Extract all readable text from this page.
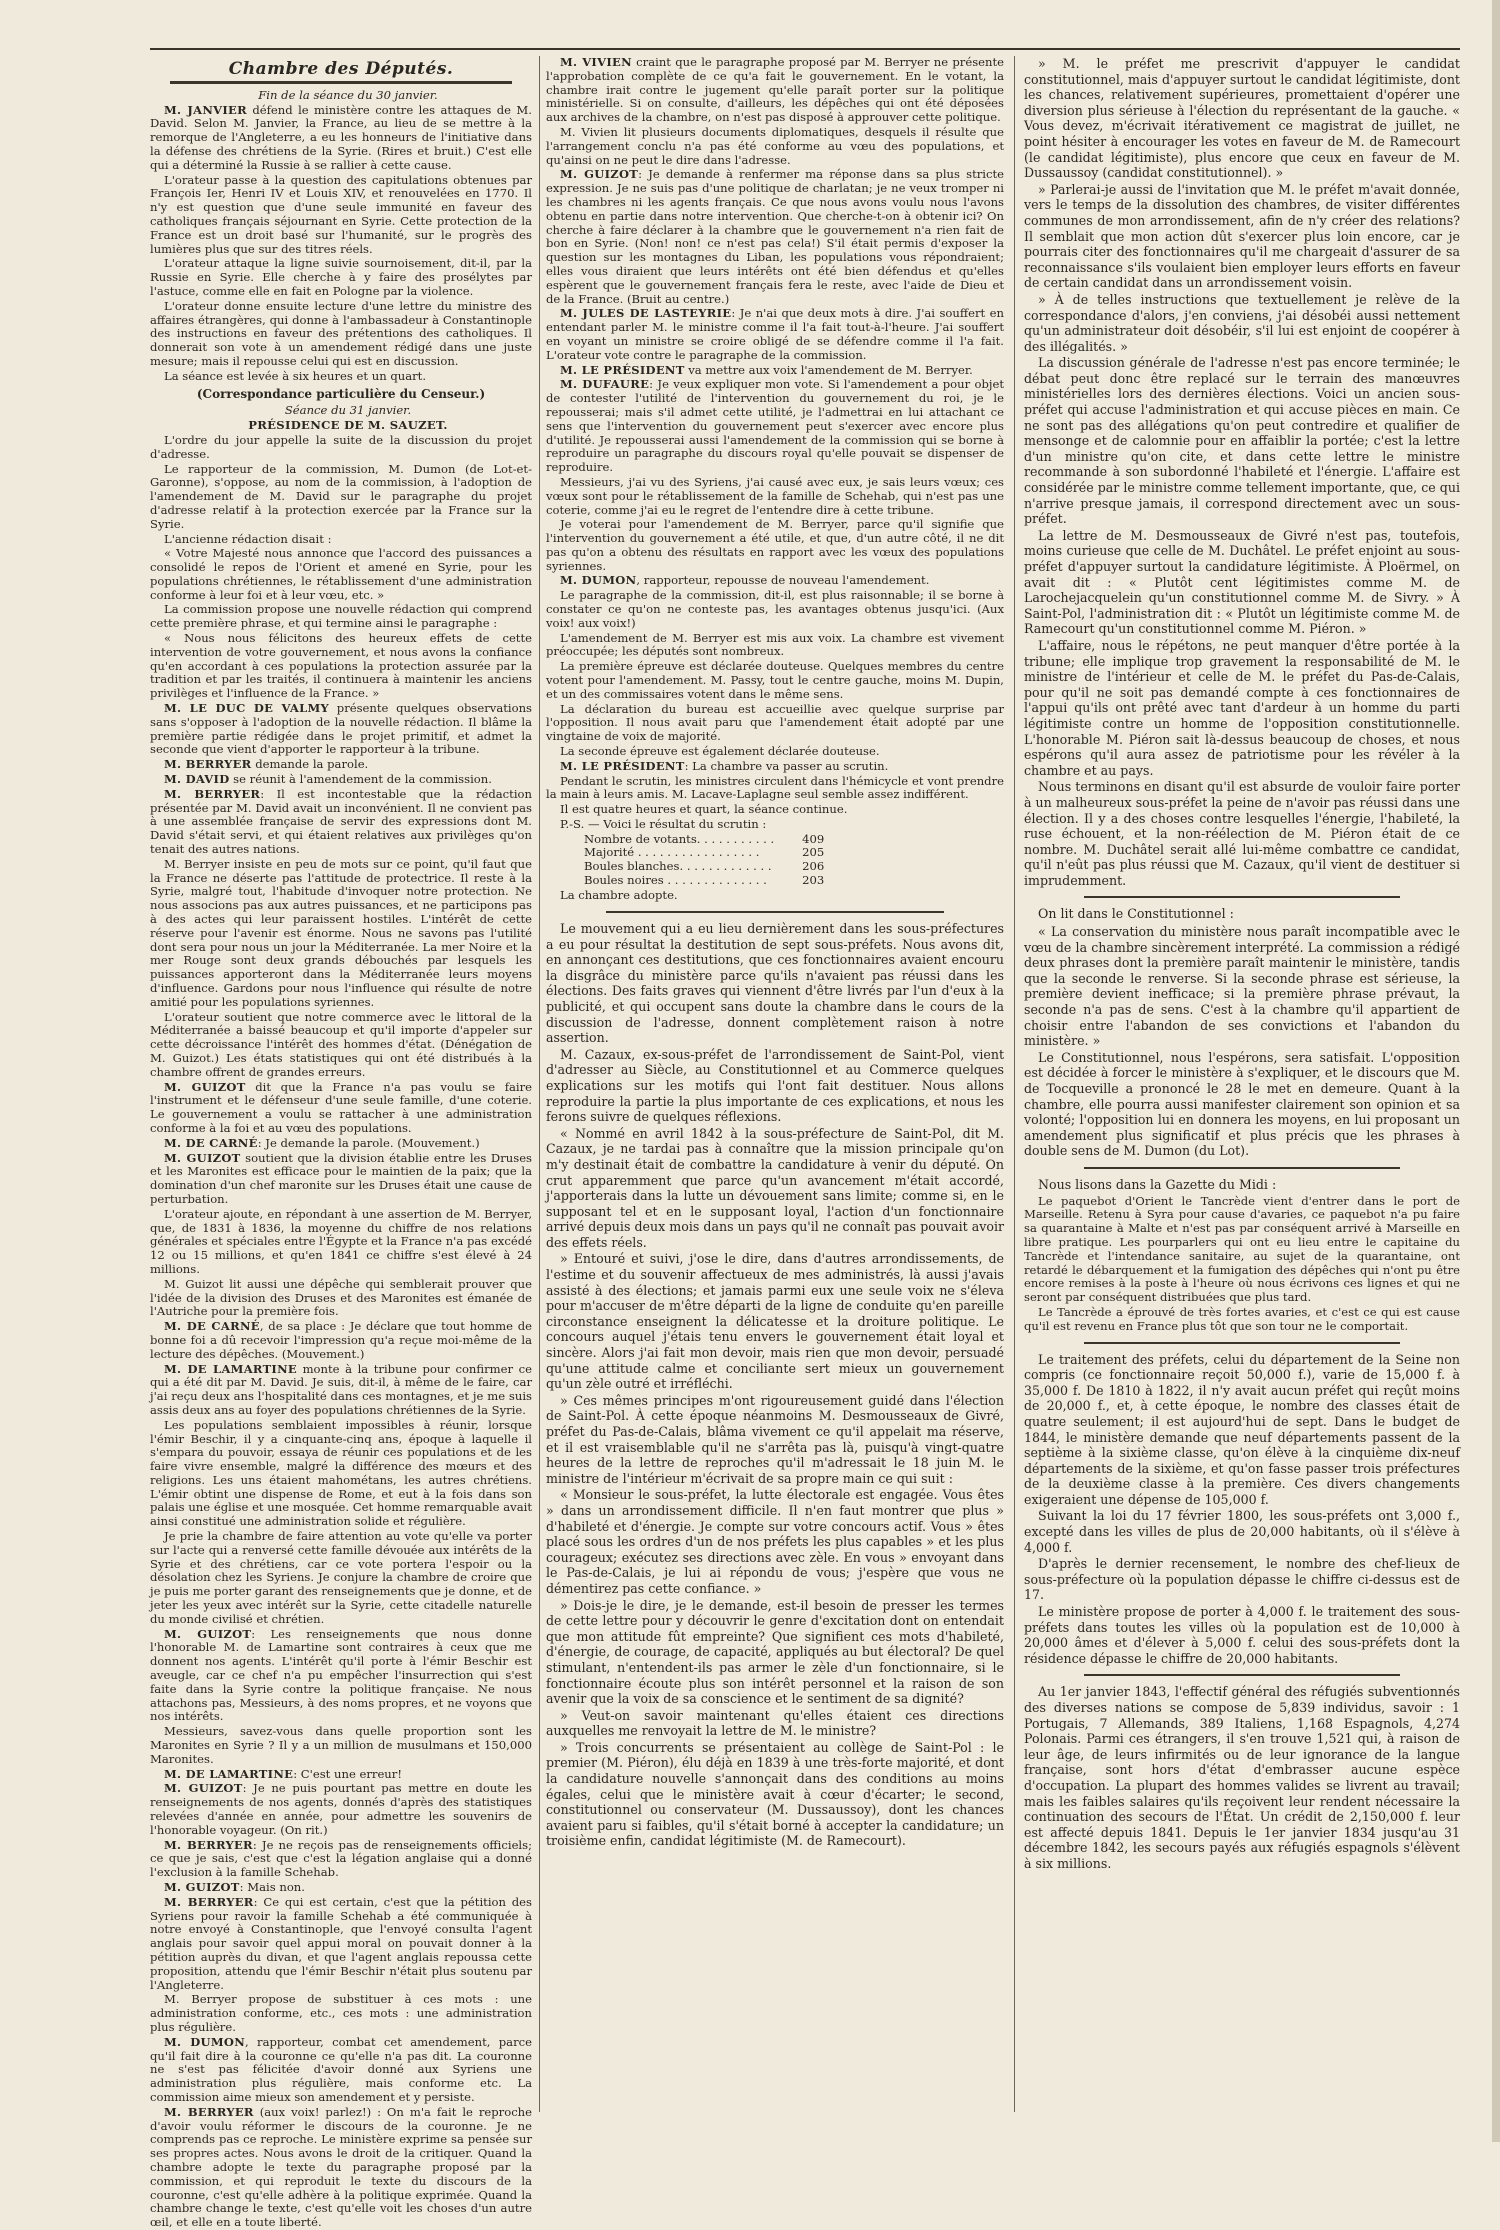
Chambre des Députés.

Fin de la séance du 30 janvier.

M. JANVIER défend le ministère contre les attaques de M. David. Selon M. Janvier, la France, au lieu de se mettre à la remorque de l'Angleterre, a eu les honneurs de l'initiative dans la défense des chrétiens de la Syrie. (Rires et bruit.) C'est elle qui a déterminé la Russie à se rallier à cette cause.

L'orateur passe à la question des capitulations obtenues par François Ier, Henri IV et Louis XIV, et renouvelées en 1770. Il n'y est question que d'une seule immunité en faveur des catholiques français séjournant en Syrie. Cette protection de la France est un droit basé sur l'humanité, sur le progrès des lumières plus que sur des titres réels.

L'orateur attaque la ligne suivie sournoisement, dit-il, par la Russie en Syrie. Elle cherche à y faire des prosélytes par l'astuce, comme elle en fait en Pologne par la violence.

L'orateur donne ensuite lecture d'une lettre du ministre des affaires étrangères, qui donne à l'ambassadeur à Constantinople des instructions en faveur des prétentions des catholiques. Il donnerait son vote à un amendement rédigé dans une juste mesure; mais il repousse celui qui est en discussion.

La séance est levée à six heures et un quart.

(Correspondance particulière du Censeur.)

Séance du 31 janvier.

PRÉSIDENCE DE M. SAUZET.

L'ordre du jour appelle la suite de la discussion du projet d'adresse.

Le rapporteur de la commission, M. Dumon (de Lot-et-Garonne), s'oppose, au nom de la commission, à l'adoption de l'amendement de M. David sur le paragraphe du projet d'adresse relatif à la protection exercée par la France sur la Syrie.

L'ancienne rédaction disait :

« Votre Majesté nous annonce que l'accord des puissances a consolidé le repos de l'Orient et amené en Syrie, pour les populations chrétiennes, le rétablissement d'une administration conforme à leur foi et à leur vœu, etc. »

La commission propose une nouvelle rédaction qui comprend cette première phrase, et qui termine ainsi le paragraphe :

« Nous nous félicitons des heureux effets de cette intervention de votre gouvernement, et nous avons la confiance qu'en accordant à ces populations la protection assurée par la tradition et par les traités, il continuera à maintenir les anciens privilèges et l'influence de la France. »

M. LE DUC DE VALMY présente quelques observations sans s'opposer à l'adoption de la nouvelle rédaction. Il blâme la première partie rédigée dans le projet primitif, et admet la seconde que vient d'apporter le rapporteur à la tribune.

M. BERRYER demande la parole.

M. DAVID se réunit à l'amendement de la commission.

M. BERRYER: Il est incontestable que la rédaction présentée par M. David avait un inconvénient. Il ne convient pas à une assemblée française de servir des expressions dont M. David s'était servi, et qui étaient relatives aux privilèges qu'on tenait des autres nations.

M. Berryer insiste en peu de mots sur ce point, qu'il faut que la France ne déserte pas l'attitude de protectrice. Il reste à la Syrie, malgré tout, l'habitude d'invoquer notre protection. Ne nous associons pas aux autres puissances, et ne participons pas à des actes qui leur paraissent hostiles. L'intérêt de cette réserve pour l'avenir est énorme. Nous ne savons pas l'utilité dont sera pour nous un jour la Méditerranée. La mer Noire et la mer Rouge sont deux grands débouchés par lesquels les puissances apporteront dans la Méditerranée leurs moyens d'influence. Gardons pour nous l'influence qui résulte de notre amitié pour les populations syriennes.

L'orateur soutient que notre commerce avec le littoral de la Méditerranée a baissé beaucoup et qu'il importe d'appeler sur cette décroissance l'intérêt des hommes d'état. (Dénégation de M. Guizot.) Les états statistiques qui ont été distribués à la chambre offrent de grandes erreurs.

M. GUIZOT dit que la France n'a pas voulu se faire l'instrument et le défenseur d'une seule famille, d'une coterie. Le gouvernement a voulu se rattacher à une administration conforme à la foi et au vœu des populations.

M. DE CARNÉ: Je demande la parole. (Mouvement.)

M. GUIZOT soutient que la division établie entre les Druses et les Maronites est efficace pour le maintien de la paix; que la domination d'un chef maronite sur les Druses était une cause de perturbation.

L'orateur ajoute, en répondant à une assertion de M. Berryer, que, de 1831 à 1836, la moyenne du chiffre de nos relations générales et spéciales entre l'Égypte et la France n'a pas excédé 12 ou 15 millions, et qu'en 1841 ce chiffre s'est élevé à 24 millions.

M. Guizot lit aussi une dépêche qui semblerait prouver que l'idée de la division des Druses et des Maronites est émanée de l'Autriche pour la première fois.

M. DE CARNÉ, de sa place : Je déclare que tout homme de bonne foi a dû recevoir l'impression qu'a reçue moi-même de la lecture des dépêches. (Mouvement.)

M. DE LAMARTINE monte à la tribune pour confirmer ce qui a été dit par M. David. Je suis, dit-il, à même de le faire, car j'ai reçu deux ans l'hospitalité dans ces montagnes, et je me suis assis deux ans au foyer des populations chrétiennes de la Syrie.

Les populations semblaient impossibles à réunir, lorsque l'émir Beschir, il y a cinquante-cinq ans, époque à laquelle il s'empara du pouvoir, essaya de réunir ces populations et de les faire vivre ensemble, malgré la différence des mœurs et des religions. Les uns étaient mahométans, les autres chrétiens. L'émir obtint une dispense de Rome, et eut à la fois dans son palais une église et une mosquée. Cet homme remarquable avait ainsi constitué une administration solide et régulière.

Je prie la chambre de faire attention au vote qu'elle va porter sur l'acte qui a renversé cette famille dévouée aux intérêts de la Syrie et des chrétiens, car ce vote portera l'espoir ou la désolation chez les Syriens. Je conjure la chambre de croire que je puis me porter garant des renseignements que je donne, et de jeter les yeux avec intérêt sur la Syrie, cette citadelle naturelle du monde civilisé et chrétien.

M. GUIZOT: Les renseignements que nous donne l'honorable M. de Lamartine sont contraires à ceux que me donnent nos agents. L'intérêt qu'il porte à l'émir Beschir est aveugle, car ce chef n'a pu empêcher l'insurrection qui s'est faite dans la Syrie contre la politique française. Ne nous attachons pas, Messieurs, à des noms propres, et ne voyons que nos intérêts.

Messieurs, savez-vous dans quelle proportion sont les Maronites en Syrie ? Il y a un million de musulmans et 150,000 Maronites.

M. DE LAMARTINE: C'est une erreur!

M. GUIZOT: Je ne puis pourtant pas mettre en doute les renseignements de nos agents, donnés d'après des statistiques relevées d'année en année, pour admettre les souvenirs de l'honorable voyageur. (On rit.)

M. BERRYER: Je ne reçois pas de renseignements officiels; ce que je sais, c'est que c'est la légation anglaise qui a donné l'exclusion à la famille Schehab.

M. GUIZOT: Mais non.

M. BERRYER: Ce qui est certain, c'est que la pétition des Syriens pour ravoir la famille Schehab a été communiquée à notre envoyé à Constantinople, que l'envoyé consulta l'agent anglais pour savoir quel appui moral on pouvait donner à la pétition auprès du divan, et que l'agent anglais repoussa cette proposition, attendu que l'émir Beschir n'était plus soutenu par l'Angleterre.

M. Berryer propose de substituer à ces mots : une administration conforme, etc., ces mots : une administration plus régulière.

M. DUMON, rapporteur, combat cet amendement, parce qu'il fait dire à la couronne ce qu'elle n'a pas dit. La couronne ne s'est pas félicitée d'avoir donné aux Syriens une administration plus régulière, mais conforme etc. La commission aime mieux son amendement et y persiste.

M. BERRYER (aux voix! parlez!) : On m'a fait le reproche d'avoir voulu réformer le discours de la couronne. Je ne comprends pas ce reproche. Le ministère exprime sa pensée sur ses propres actes. Nous avons le droit de la critiquer. Quand la chambre adopte le texte du paragraphe proposé par la commission, et qui reproduit le texte du discours de la couronne, c'est qu'elle adhère à la politique exprimée. Quand la chambre change le texte, c'est qu'elle voit les choses d'un autre œil, et elle en a toute liberté.

M. VIVIEN craint que le paragraphe proposé par M. Berryer ne présente l'approbation complète de ce qu'a fait le gouvernement. En le votant, la chambre irait contre le jugement qu'elle paraît porter sur la politique ministérielle. Si on consulte, d'ailleurs, les dépêches qui ont été déposées aux archives de la chambre, on n'est pas disposé à approuver cette politique.

M. Vivien lit plusieurs documents diplomatiques, desquels il résulte que l'arrangement conclu n'a pas été conforme au vœu des populations, et qu'ainsi on ne peut le dire dans l'adresse.

M. GUIZOT: Je demande à renfermer ma réponse dans sa plus stricte expression. Je ne suis pas d'une politique de charlatan; je ne veux tromper ni les chambres ni les agents français. Ce que nous avons voulu nous l'avons obtenu en partie dans notre intervention. Que cherche-t-on à obtenir ici? On cherche à faire déclarer à la chambre que le gouvernement n'a rien fait de bon en Syrie. (Non! non! ce n'est pas cela!) S'il était permis d'exposer la question sur les montagnes du Liban, les populations vous répondraient; elles vous diraient que leurs intérêts ont été bien défendus et qu'elles espèrent que le gouvernement français fera le reste, avec l'aide de Dieu et de la France. (Bruit au centre.)

M. JULES DE LASTEYRIE: Je n'ai que deux mots à dire. J'ai souffert en entendant parler M. le ministre comme il l'a fait tout-à-l'heure. J'ai souffert en voyant un ministre se croire obligé de se défendre comme il l'a fait. L'orateur vote contre le paragraphe de la commission.

M. LE PRÉSIDENT va mettre aux voix l'amendement de M. Berryer.

M. DUFAURE: Je veux expliquer mon vote. Si l'amendement a pour objet de contester l'utilité de l'intervention du gouvernement du roi, je le repousserai; mais s'il admet cette utilité, je l'admettrai en lui attachant ce sens que l'intervention du gouvernement peut s'exercer avec encore plus d'utilité. Je repousserai aussi l'amendement de la commission qui se borne à reproduire un paragraphe du discours royal qu'elle pouvait se dispenser de reproduire.

Messieurs, j'ai vu des Syriens, j'ai causé avec eux, je sais leurs vœux; ces vœux sont pour le rétablissement de la famille de Schehab, qui n'est pas une coterie, comme j'ai eu le regret de l'entendre dire à cette tribune.

Je voterai pour l'amendement de M. Berryer, parce qu'il signifie que l'intervention du gouvernement a été utile, et que, d'un autre côté, il ne dit pas qu'on a obtenu des résultats en rapport avec les vœux des populations syriennes.

M. DUMON, rapporteur, repousse de nouveau l'amendement.

Le paragraphe de la commission, dit-il, est plus raisonnable; il se borne à constater ce qu'on ne conteste pas, les avantages obtenus jusqu'ici. (Aux voix! aux voix!)

L'amendement de M. Berryer est mis aux voix. La chambre est vivement préoccupée; les députés sont nombreux.

La première épreuve est déclarée douteuse. Quelques membres du centre votent pour l'amendement. M. Passy, tout le centre gauche, moins M. Dupin, et un des commissaires votent dans le même sens.

La déclaration du bureau est accueillie avec quelque surprise par l'opposition. Il nous avait paru que l'amendement était adopté par une vingtaine de voix de majorité.

La seconde épreuve est également déclarée douteuse.

M. LE PRÉSIDENT: La chambre va passer au scrutin.

Pendant le scrutin, les ministres circulent dans l'hémicycle et vont prendre la main à leurs amis. M. Lacave-Laplagne seul semble assez indifférent.

Il est quatre heures et quart, la séance continue.

P.-S. — Voici le résultat du scrutin :

Nombre de votants. . . . . . . . . . .	409
Majorité . . . . . . . . . . . . . . . . .	205
Boules blanches. . . . . . . . . . . . .	206
Boules noires . . . . . . . . . . . . . .	203

La chambre adopte.

Le mouvement qui a eu lieu dernièrement dans les sous-préfectures a eu pour résultat la destitution de sept sous-préfets. Nous avons dit, en annonçant ces destitutions, que ces fonctionnaires avaient encouru la disgrâce du ministère parce qu'ils n'avaient pas réussi dans les élections. Des faits graves qui viennent d'être livrés par l'un d'eux à la publicité, et qui occupent sans doute la chambre dans le cours de la discussion de l'adresse, donnent complètement raison à notre assertion.

M. Cazaux, ex-sous-préfet de l'arrondissement de Saint-Pol, vient d'adresser au Siècle, au Constitutionnel et au Commerce quelques explications sur les motifs qui l'ont fait destituer. Nous allons reproduire la partie la plus importante de ces explications, et nous les ferons suivre de quelques réflexions.

« Nommé en avril 1842 à la sous-préfecture de Saint-Pol, dit M. Cazaux, je ne tardai pas à connaître que la mission principale qu'on m'y destinait était de combattre la candidature à venir du député. On crut apparemment que parce qu'un avancement m'était accordé, j'apporterais dans la lutte un dévouement sans limite; comme si, en le supposant tel et en le supposant loyal, l'action d'un fonctionnaire arrivé depuis deux mois dans un pays qu'il ne connaît pas pouvait avoir des effets réels.

» Entouré et suivi, j'ose le dire, dans d'autres arrondissements, de l'estime et du souvenir affectueux de mes administrés, là aussi j'avais assisté à des élections; et jamais parmi eux une seule voix ne s'éleva pour m'accuser de m'être départi de la ligne de conduite qu'en pareille circonstance enseignent la délicatesse et la droiture politique. Le concours auquel j'étais tenu envers le gouvernement était loyal et sincère. Alors j'ai fait mon devoir, mais rien que mon devoir, persuadé qu'une attitude calme et conciliante sert mieux un gouvernement qu'un zèle outré et irréfléchi.

» Ces mêmes principes m'ont rigoureusement guidé dans l'élection de Saint-Pol. À cette époque néanmoins M. Desmousseaux de Givré, préfet du Pas-de-Calais, blâma vivement ce qu'il appelait ma réserve, et il est vraisemblable qu'il ne s'arrêta pas là, puisqu'à vingt-quatre heures de la lettre de reproches qu'il m'adressait le 18 juin M. le ministre de l'intérieur m'écrivait de sa propre main ce qui suit :

« Monsieur le sous-préfet, la lutte électorale est engagée. Vous êtes » dans un arrondissement difficile. Il n'en faut montrer que plus » d'habileté et d'énergie. Je compte sur votre concours actif. Vous » êtes placé sous les ordres d'un de nos préfets les plus capables » et les plus courageux; exécutez ses directions avec zèle. En vous » envoyant dans le Pas-de-Calais, je lui ai répondu de vous; j'espère que vous ne démentirez pas cette confiance. »

» Dois-je le dire, je le demande, est-il besoin de presser les termes de cette lettre pour y découvrir le genre d'excitation dont on entendait que mon attitude fût empreinte? Que signifient ces mots d'habileté, d'énergie, de courage, de capacité, appliqués au but électoral? De quel stimulant, n'entendent-ils pas armer le zèle d'un fonctionnaire, si le fonctionnaire écoute plus son intérêt personnel et la raison de son avenir que la voix de sa conscience et le sentiment de sa dignité?

» Veut-on savoir maintenant qu'elles étaient ces directions auxquelles me renvoyait la lettre de M. le ministre?

» Trois concurrents se présentaient au collège de Saint-Pol : le premier (M. Piéron), élu déjà en 1839 à une très-forte majorité, et dont la candidature nouvelle s'annonçait dans des conditions au moins égales, celui que le ministère avait à cœur d'écarter; le second, constitutionnel ou conservateur (M. Dussaussoy), dont les chances avaient paru si faibles, qu'il s'était borné à accepter la candidature; un troisième enfin, candidat légitimiste (M. de Ramecourt).

» M. le préfet me prescrivit d'appuyer le candidat constitutionnel, mais d'appuyer surtout le candidat légitimiste, dont les chances, relativement supérieures, promettaient d'opérer une diversion plus sérieuse à l'élection du représentant de la gauche. « Vous devez, m'écrivait itérativement ce magistrat de juillet, ne point hésiter à encourager les votes en faveur de M. de Ramecourt (le candidat légitimiste), plus encore que ceux en faveur de M. Dussaussoy (candidat constitutionnel). »

» Parlerai-je aussi de l'invitation que M. le préfet m'avait donnée, vers le temps de la dissolution des chambres, de visiter différentes communes de mon arrondissement, afin de n'y créer des relations? Il semblait que mon action dût s'exercer plus loin encore, car je pourrais citer des fonctionnaires qu'il me chargeait d'assurer de sa reconnaissance s'ils voulaient bien employer leurs efforts en faveur de certain candidat dans un arrondissement voisin.

» À de telles instructions que textuellement je relève de la correspondance d'alors, j'en conviens, j'ai désobéi aussi nettement qu'un administrateur doit désobéir, s'il lui est enjoint de coopérer à des illégalités. »

La discussion générale de l'adresse n'est pas encore terminée; le débat peut donc être replacé sur le terrain des manœuvres ministérielles lors des dernières élections. Voici un ancien sous-préfet qui accuse l'administration et qui accuse pièces en main. Ce ne sont pas des allégations qu'on peut contredire et qualifier de mensonge et de calomnie pour en affaiblir la portée; c'est la lettre d'un ministre qu'on cite, et dans cette lettre le ministre recommande à son subordonné l'habileté et l'énergie. L'affaire est considérée par le ministre comme tellement importante, que, ce qui n'arrive presque jamais, il correspond directement avec un sous-préfet.

La lettre de M. Desmousseaux de Givré n'est pas, toutefois, moins curieuse que celle de M. Duchâtel. Le préfet enjoint au sous-préfet d'appuyer surtout la candidature légitimiste. À Ploërmel, on avait dit : « Plutôt cent légitimistes comme M. de Larochejacquelein qu'un constitutionnel comme M. de Sivry. » À Saint-Pol, l'administration dit : « Plutôt un légitimiste comme M. de Ramecourt qu'un constitutionnel comme M. Piéron. »

L'affaire, nous le répétons, ne peut manquer d'être portée à la tribune; elle implique trop gravement la responsabilité de M. le ministre de l'intérieur et celle de M. le préfet du Pas-de-Calais, pour qu'il ne soit pas demandé compte à ces fonctionnaires de l'appui qu'ils ont prêté avec tant d'ardeur à un homme du parti légitimiste contre un homme de l'opposition constitutionnelle. L'honorable M. Piéron sait là-dessus beaucoup de choses, et nous espérons qu'il aura assez de patriotisme pour les révéler à la chambre et au pays.

Nous terminons en disant qu'il est absurde de vouloir faire porter à un malheureux sous-préfet la peine de n'avoir pas réussi dans une élection. Il y a des choses contre lesquelles l'énergie, l'habileté, la ruse échouent, et la non-réélection de M. Piéron était de ce nombre. M. Duchâtel serait allé lui-même combattre ce candidat, qu'il n'eût pas plus réussi que M. Cazaux, qu'il vient de destituer si imprudemment.

On lit dans le Constitutionnel :

« La conservation du ministère nous paraît incompatible avec le vœu de la chambre sincèrement interprété. La commission a rédigé deux phrases dont la première paraît maintenir le ministère, tandis que la seconde le renverse. Si la seconde phrase est sérieuse, la première devient inefficace; si la première phrase prévaut, la seconde n'a pas de sens. C'est à la chambre qu'il appartient de choisir entre l'abandon de ses convictions et l'abandon du ministère. »

Le Constitutionnel, nous l'espérons, sera satisfait. L'opposition est décidée à forcer le ministère à s'expliquer, et le discours que M. de Tocqueville a prononcé le 28 le met en demeure. Quant à la chambre, elle pourra aussi manifester clairement son opinion et sa volonté; l'opposition lui en donnera les moyens, en lui proposant un amendement plus significatif et plus précis que les phrases à double sens de M. Dumon (du Lot).

Nous lisons dans la Gazette du Midi :

Le paquebot d'Orient le Tancrède vient d'entrer dans le port de Marseille. Retenu à Syra pour cause d'avaries, ce paquebot n'a pu faire sa quarantaine à Malte et n'est pas par conséquent arrivé à Marseille en libre pratique. Les pourparlers qui ont eu lieu entre le capitaine du Tancrède et l'intendance sanitaire, au sujet de la quarantaine, ont retardé le débarquement et la fumigation des dépêches qui n'ont pu être encore remises à la poste à l'heure où nous écrivons ces lignes et qui ne seront par conséquent distribuées que plus tard.

Le Tancrède a éprouvé de très fortes avaries, et c'est ce qui est cause qu'il est revenu en France plus tôt que son tour ne le comportait.

Le traitement des préfets, celui du département de la Seine non compris (ce fonctionnaire reçoit 50,000 f.), varie de 15,000 f. à 35,000 f. De 1810 à 1822, il n'y avait aucun préfet qui reçût moins de 20,000 f., et, à cette époque, le nombre des classes était de quatre seulement; il est aujourd'hui de sept. Dans le budget de 1844, le ministère demande que neuf départements passent de la septième à la sixième classe, qu'on élève à la cinquième dix-neuf départements de la sixième, et qu'on fasse passer trois préfectures de la deuxième classe à la première. Ces divers changements exigeraient une dépense de 105,000 f.

Suivant la loi du 17 février 1800, les sous-préfets ont 3,000 f., excepté dans les villes de plus de 20,000 habitants, où il s'élève à 4,000 f.

D'après le dernier recensement, le nombre des chef-lieux de sous-préfecture où la population dépasse le chiffre ci-dessus est de 17.

Le ministère propose de porter à 4,000 f. le traitement des sous-préfets dans toutes les villes où la population est de 10,000 à 20,000 âmes et d'élever à 5,000 f. celui des sous-préfets dont la résidence dépasse le chiffre de 20,000 habitants.

Au 1er janvier 1843, l'effectif général des réfugiés subventionnés des diverses nations se compose de 5,839 individus, savoir : 1 Portugais, 7 Allemands, 389 Italiens, 1,168 Espagnols, 4,274 Polonais. Parmi ces étrangers, il s'en trouve 1,521 qui, à raison de leur âge, de leurs infirmités ou de leur ignorance de la langue française, sont hors d'état d'embrasser aucune espèce d'occupation. La plupart des hommes valides se livrent au travail; mais les faibles salaires qu'ils reçoivent leur rendent nécessaire la continuation des secours de l'État. Un crédit de 2,150,000 f. leur est affecté depuis 1841. Depuis le 1er janvier 1834 jusqu'au 31 décembre 1842, les secours payés aux réfugiés espagnols s'élèvent à six millions.
